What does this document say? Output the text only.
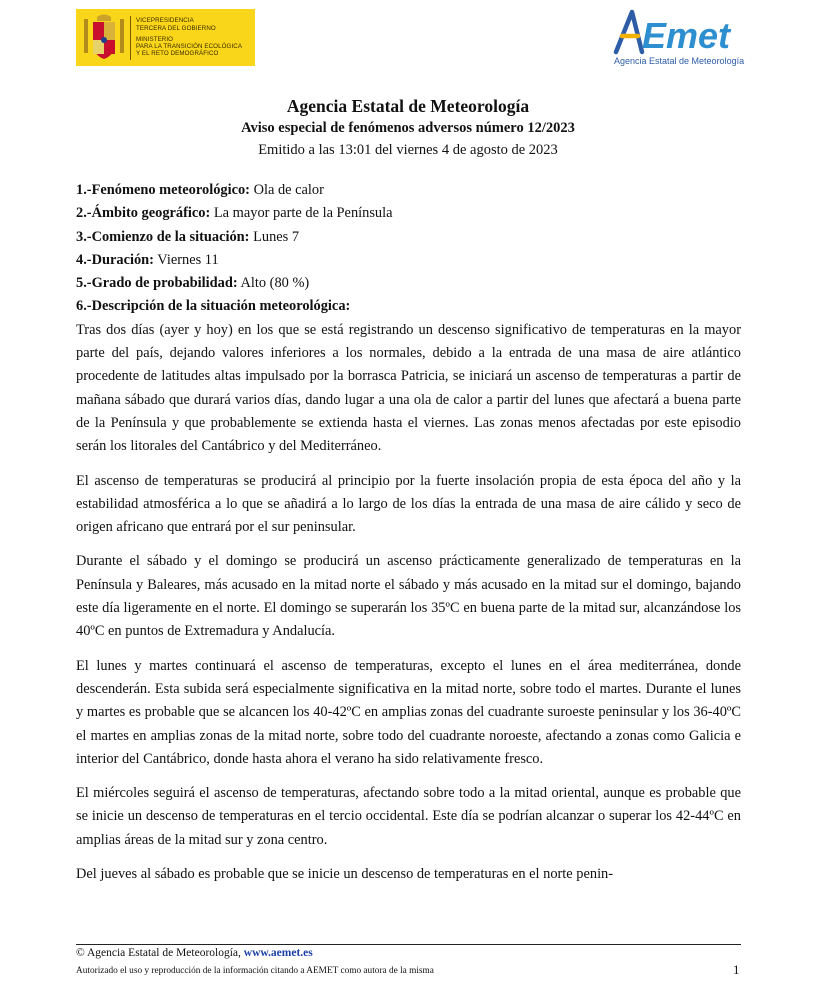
VICEPRESIDENCIA
TERCERA DEL GOBIERNO
MINISTERIO
PARA LA TRANSICIÓN ECOLÓGICA
Y EL RETO DEMOGRÁFICO	Emet
Agencia Estatal de Meteorología
Agencia Estatal de Meteorología
Aviso especial de fenómenos adversos número 12/2023
Emitido a las 13:01 del viernes 4 de agosto de 2023
1.-Fenómeno meteorológico: Ola de calor
2.-Ámbito geográfico: La mayor parte de la Península
3.-Comienzo de la situación: Lunes 7
4.-Duración: Viernes 11
5.-Grado de probabilidad: Alto (80 %)
6.-Descripción de la situación meteorológica:

Tras dos días (ayer y hoy) en los que se está registrando un descenso significativo de temperaturas en la mayor parte del país, dejando valores inferiores a los normales, debido a la entrada de una masa de aire atlántico procedente de latitudes altas impulsado por la borrasca Patricia, se iniciará un ascenso de temperaturas a partir de mañana sábado que durará varios días, dando lugar a una ola de calor a partir del lunes que afectará a buena parte de la Península y que probablemente se extienda hasta el viernes. Las zonas menos afectadas por este episodio serán los litorales del Cantábrico y del Mediterráneo.

El ascenso de temperaturas se producirá al principio por la fuerte insolación propia de esta época del año y la estabilidad atmosférica a lo que se añadirá a lo largo de los días la entrada de una masa de aire cálido y seco de origen africano que entrará por el sur peninsular.

Durante el sábado y el domingo se producirá un ascenso prácticamente generalizado de temperaturas en la Península y Baleares, más acusado en la mitad norte el sábado y más acusado en la mitad sur el domingo, bajando este día ligeramente en el norte. El domingo se superarán los 35ºC en buena parte de la mitad sur, alcanzándose los 40ºC en puntos de Extremadura y Andalucía.

El lunes y martes continuará el ascenso de temperaturas, excepto el lunes en el área mediterránea, donde descenderán. Esta subida será especialmente significativa en la mitad norte, sobre todo el martes. Durante el lunes y martes es probable que se alcancen los 40-42ºC en amplias zonas del cuadrante suroeste peninsular y los 36-40ºC el martes en amplias zonas de la mitad norte, sobre todo del cuadrante noroeste, afectando a zonas como Galicia e interior del Cantábrico, donde hasta ahora el verano ha sido relativamente fresco.

El miércoles seguirá el ascenso de temperaturas, afectando sobre todo a la mitad oriental, aunque es probable que se inicie un descenso de temperaturas en el tercio occidental. Este día se podrían alcanzar o superar los 42-44ºC en amplias áreas de la mitad sur y zona centro.

Del jueves al sábado es probable que se inicie un descenso de temperaturas en el norte penin-

© Agencia Estatal de Meteorología, www.aemet.es
Autorizado el uso y reproducción de la información citando a AEMET como autora de la misma	1
